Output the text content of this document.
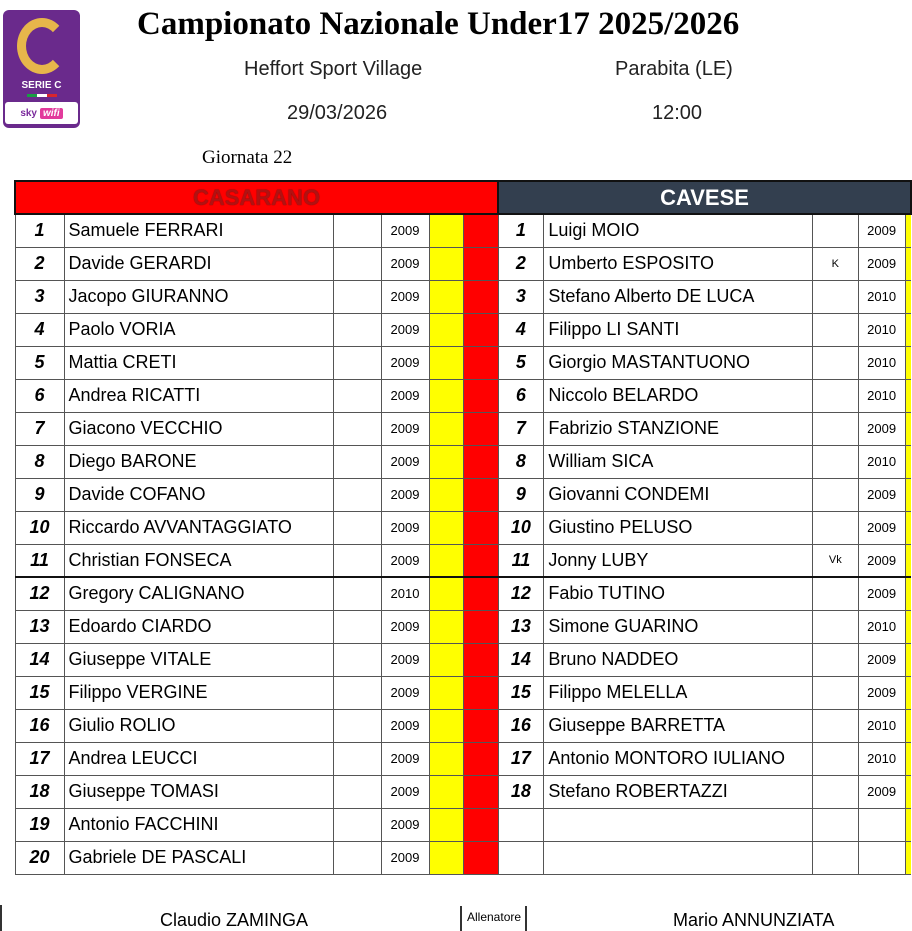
SERIE C
sky wifi
Campionato Nazionale Under17 2025/2026
Heffort Sport Village	Parabita (LE)
29/03/2026	12:00
Giornata 22
CASARANO					
1	Samuele FERRARI		2009		
2	Davide GERARDI		2009		
3	Jacopo GIURANNO		2009		
4	Paolo VORIA		2009		
5	Mattia CRETI		2009		
6	Andrea RICATTI		2009		
7	Giacono VECCHIO		2009		
8	Diego BARONE		2009		
9	Davide COFANO		2009		
10	Riccardo AVVANTAGGIATO		2009		
11	Christian FONSECA		2009		
12	Gregory CALIGNANO		2010		
13	Edoardo CIARDO		2009		
14	Giuseppe VITALE		2009		
15	Filippo VERGINE		2009		
16	Giulio ROLIO		2009		
17	Andrea LEUCCI		2009		
18	Giuseppe TOMASI		2009		
19	Antonio FACCHINI		2009		
20	Gabriele DE PASCALI		2009		
CAVESE				
1	Luigi MOIO		2009	
2	Umberto ESPOSITO	K	2009	
3	Stefano Alberto DE LUCA		2010	
4	Filippo LI SANTI		2010	
5	Giorgio MASTANTUONO		2010	
6	Niccolo BELARDO		2010	
7	Fabrizio STANZIONE		2009	
8	William SICA		2010	
9	Giovanni CONDEMI		2009	
10	Giustino PELUSO		2009	
11	Jonny LUBY	Vk	2009	
12	Fabio TUTINO		2009	
13	Simone GUARINO		2010	
14	Bruno NADDEO		2009	
15	Filippo MELELLA		2009	
16	Giuseppe BARRETTA		2010	
17	Antonio MONTORO IULIANO		2010	
18	Stefano ROBERTAZZI		2009	

Claudio ZAMINGA	Allenatore	Mario ANNUNZIATA
